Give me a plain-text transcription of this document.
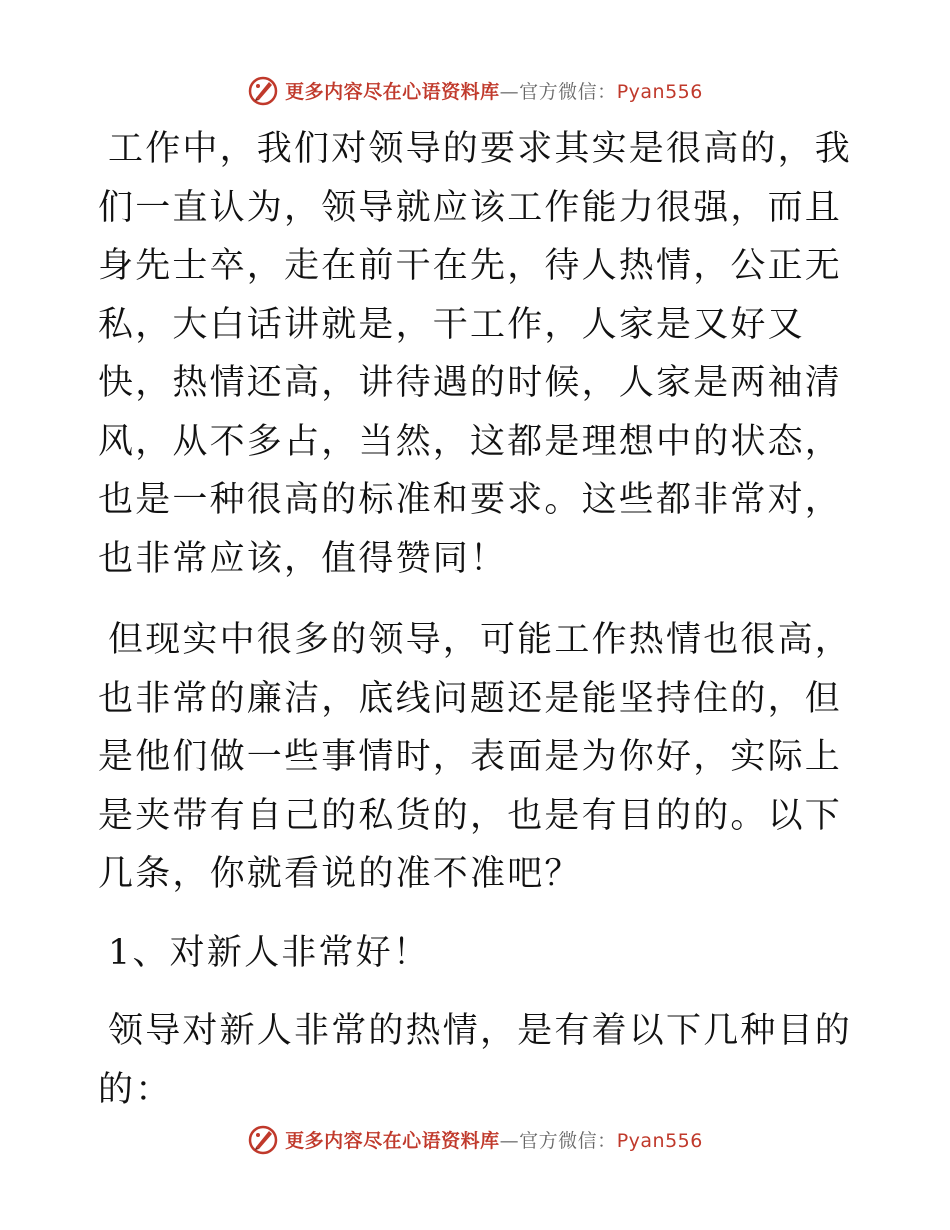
更多内容尽在心语资料库—官方微信：Pyan556

工作中，我们对领导的要求其实是很高的，我们一直认为，领导就应该工作能力很强，而且身先士卒，走在前干在先，待人热情，公正无私，大白话讲就是，干工作，人家是又好又快，热情还高，讲待遇的时候，人家是两袖清风，从不多占，当然，这都是理想中的状态，也是一种很高的标准和要求。这些都非常对，也非常应该，值得赞同！

但现实中很多的领导，可能工作热情也很高，也非常的廉洁，底线问题还是能坚持住的，但是他们做一些事情时，表面是为你好，实际上是夹带有自己的私货的，也是有目的的。以下几条，你就看说的准不准吧？

1、对新人非常好！

领导对新人非常的热情，是有着以下几种目的的：

更多内容尽在心语资料库—官方微信：Pyan556
